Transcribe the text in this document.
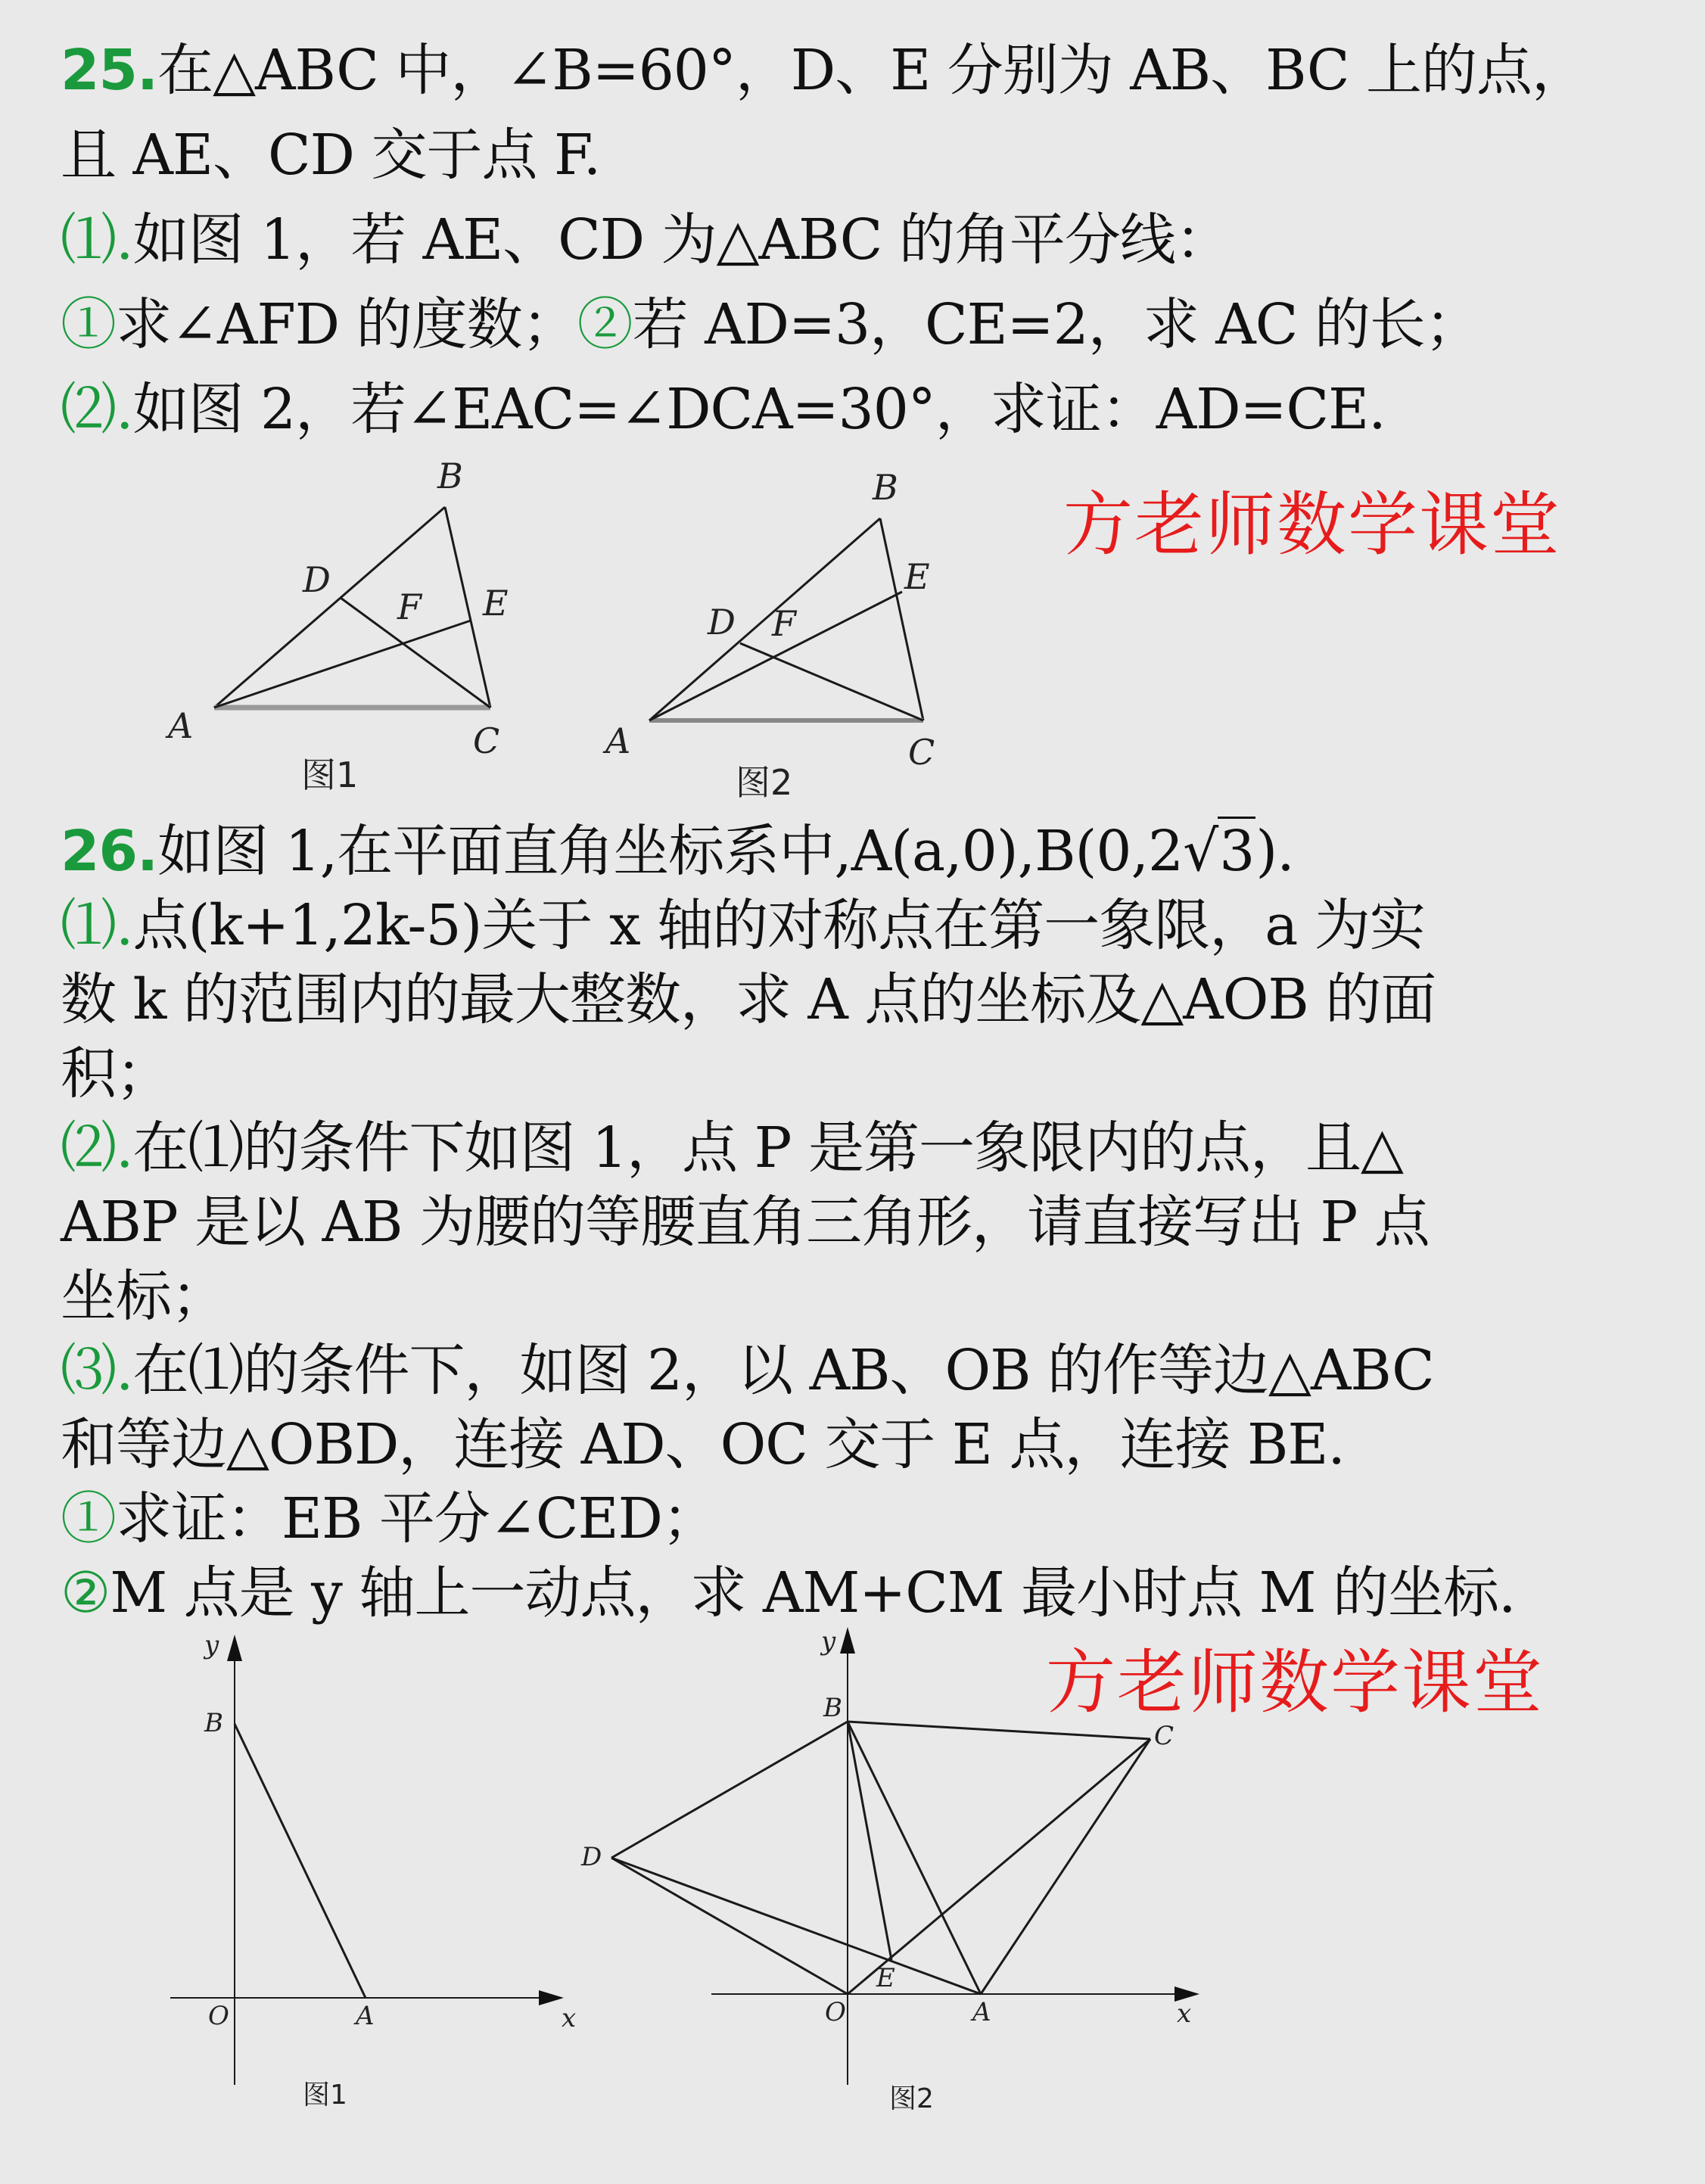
25.在△ABC 中，∠B=60°，D、E 分别为 AB、BC 上的点，
且 AE、CD 交于点 F.
⑴.如图 1，若 AE、CD 为△ABC 的角平分线：
①求∠AFD 的度数；②若 AD=3，CE=2，求 AC 的长；
⑵.如图 2，若∠EAC=∠DCA=30°，求证：AD=CE.
方老师数学课堂
26.如图 1,在平面直角坐标系中,A(a,0),B(0,2√3).
⑴.点(k+1,2k-5)关于 x 轴的对称点在第一象限，a 为实
数 k 的范围内的最大整数，求 A 点的坐标及△AOB 的面
积；
⑵.在⑴的条件下如图 1，点 P 是第一象限内的点，且△
ABP 是以 AB 为腰的等腰直角三角形，请直接写出 P 点
坐标；
⑶.在⑴的条件下，如图 2，以 AB、OB 的作等边△ABC
和等边△OBD，连接 AD、OC 交于 E 点，连接 BE.
①求证：EB 平分∠CED；
②M 点是 y 轴上一动点，求 AM+CM 最小时点 M 的坐标.
方老师数学课堂
A
B
C
D
E
F
图1
A
B
C
D
E
F
图2
y
x
O	A
B
图1
y
x
O	A
B
C
D
E
图2
